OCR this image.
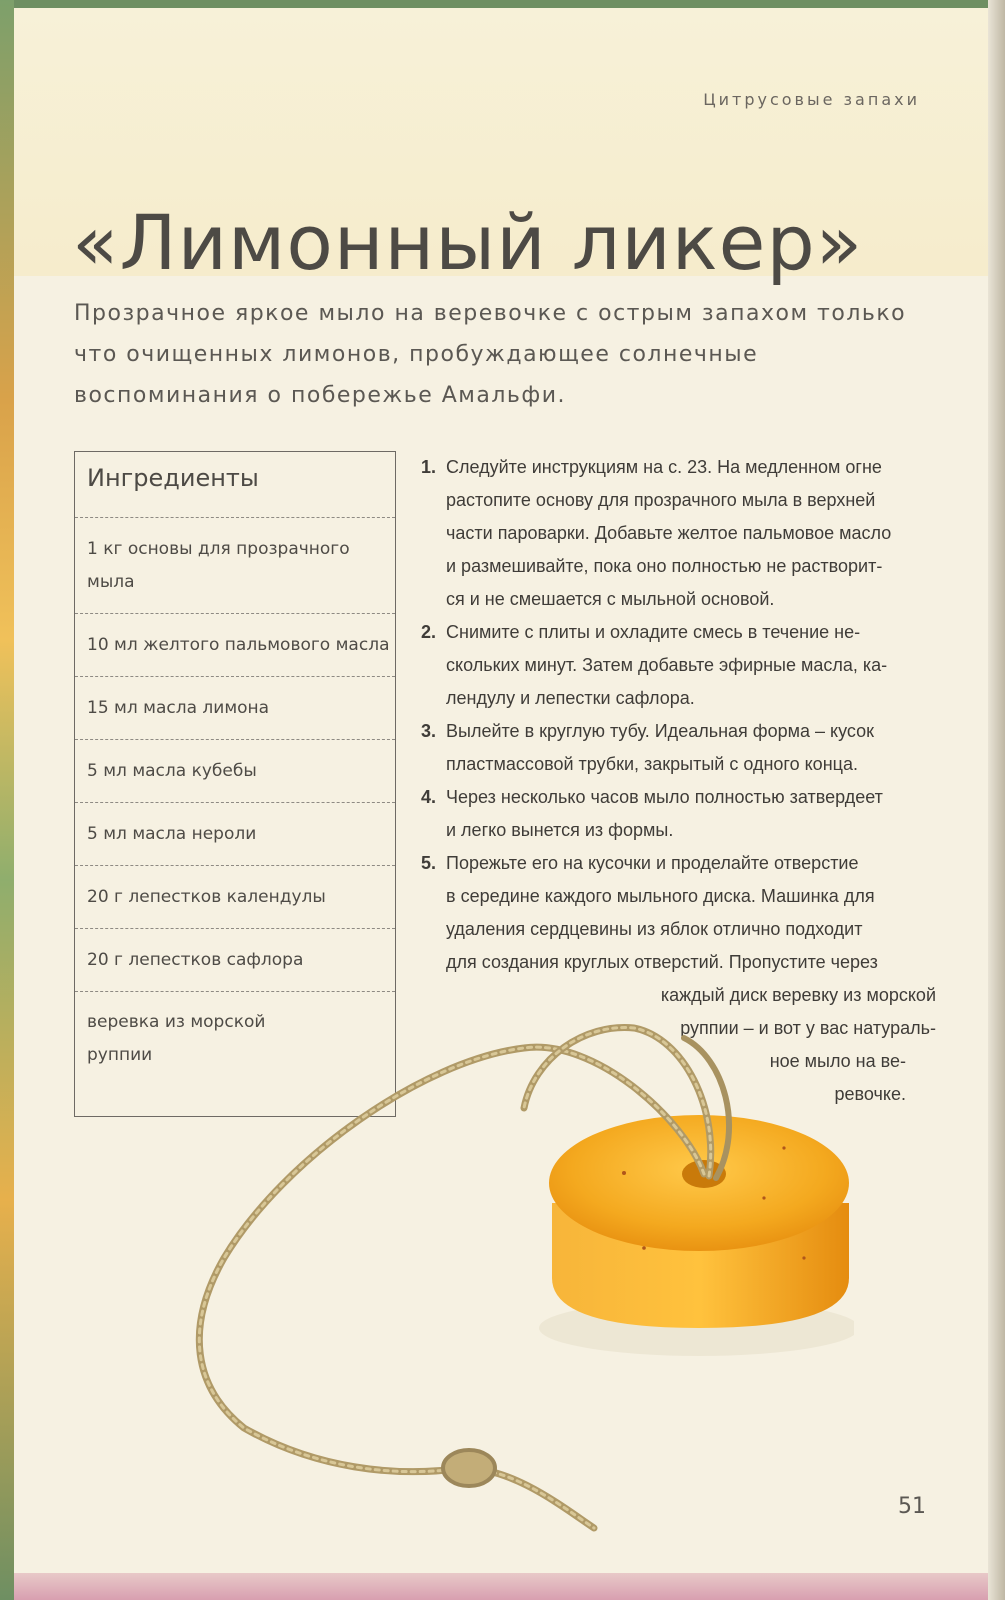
Цитрусовые запахи
«Лимонный ликер»

Прозрачное яркое мыло на веревочке с острым запахом только что очищенных лимонов, пробуждающее солнечные воспоминания о побережье Амальфи.

Ингредиенты
1 кг основы для прозрачного
мыла
10 мл желтого пальмового масла
15 мл масла лимона
5 мл масла кубебы
5 мл масла нероли
20 г лепестков календулы
20 г лепестков сафлора
веревка из морской
руппии
1. Следуйте инструкциям на с. 23. На медленном огне
растопите основу для прозрачного мыла в верхней
части пароварки. Добавьте желтое пальмовое масло
и размешивайте, пока оно полностью не растворит-
ся и не смешается с мыльной основой.
2. Снимите с плиты и охладите смесь в течение не-
скольких минут. Затем добавьте эфирные масла, ка-
лендулу и лепестки сафлора.
3. Вылейте в круглую тубу. Идеальная форма – кусок
пластмассовой трубки, закрытый с одного конца.
4. Через несколько часов мыло полностью затвердеет
и легко вынется из формы.
5. Порежьте его на кусочки и проделайте отверстие
в середине каждого мыльного диска. Машинка для
удаления сердцевины из яблок отлично подходит
для создания круглых отверстий. Пропустите через
каждый диск веревку из морской
руппии – и вот у вас натураль-
ное мыло на ве-
ревочке.
51
